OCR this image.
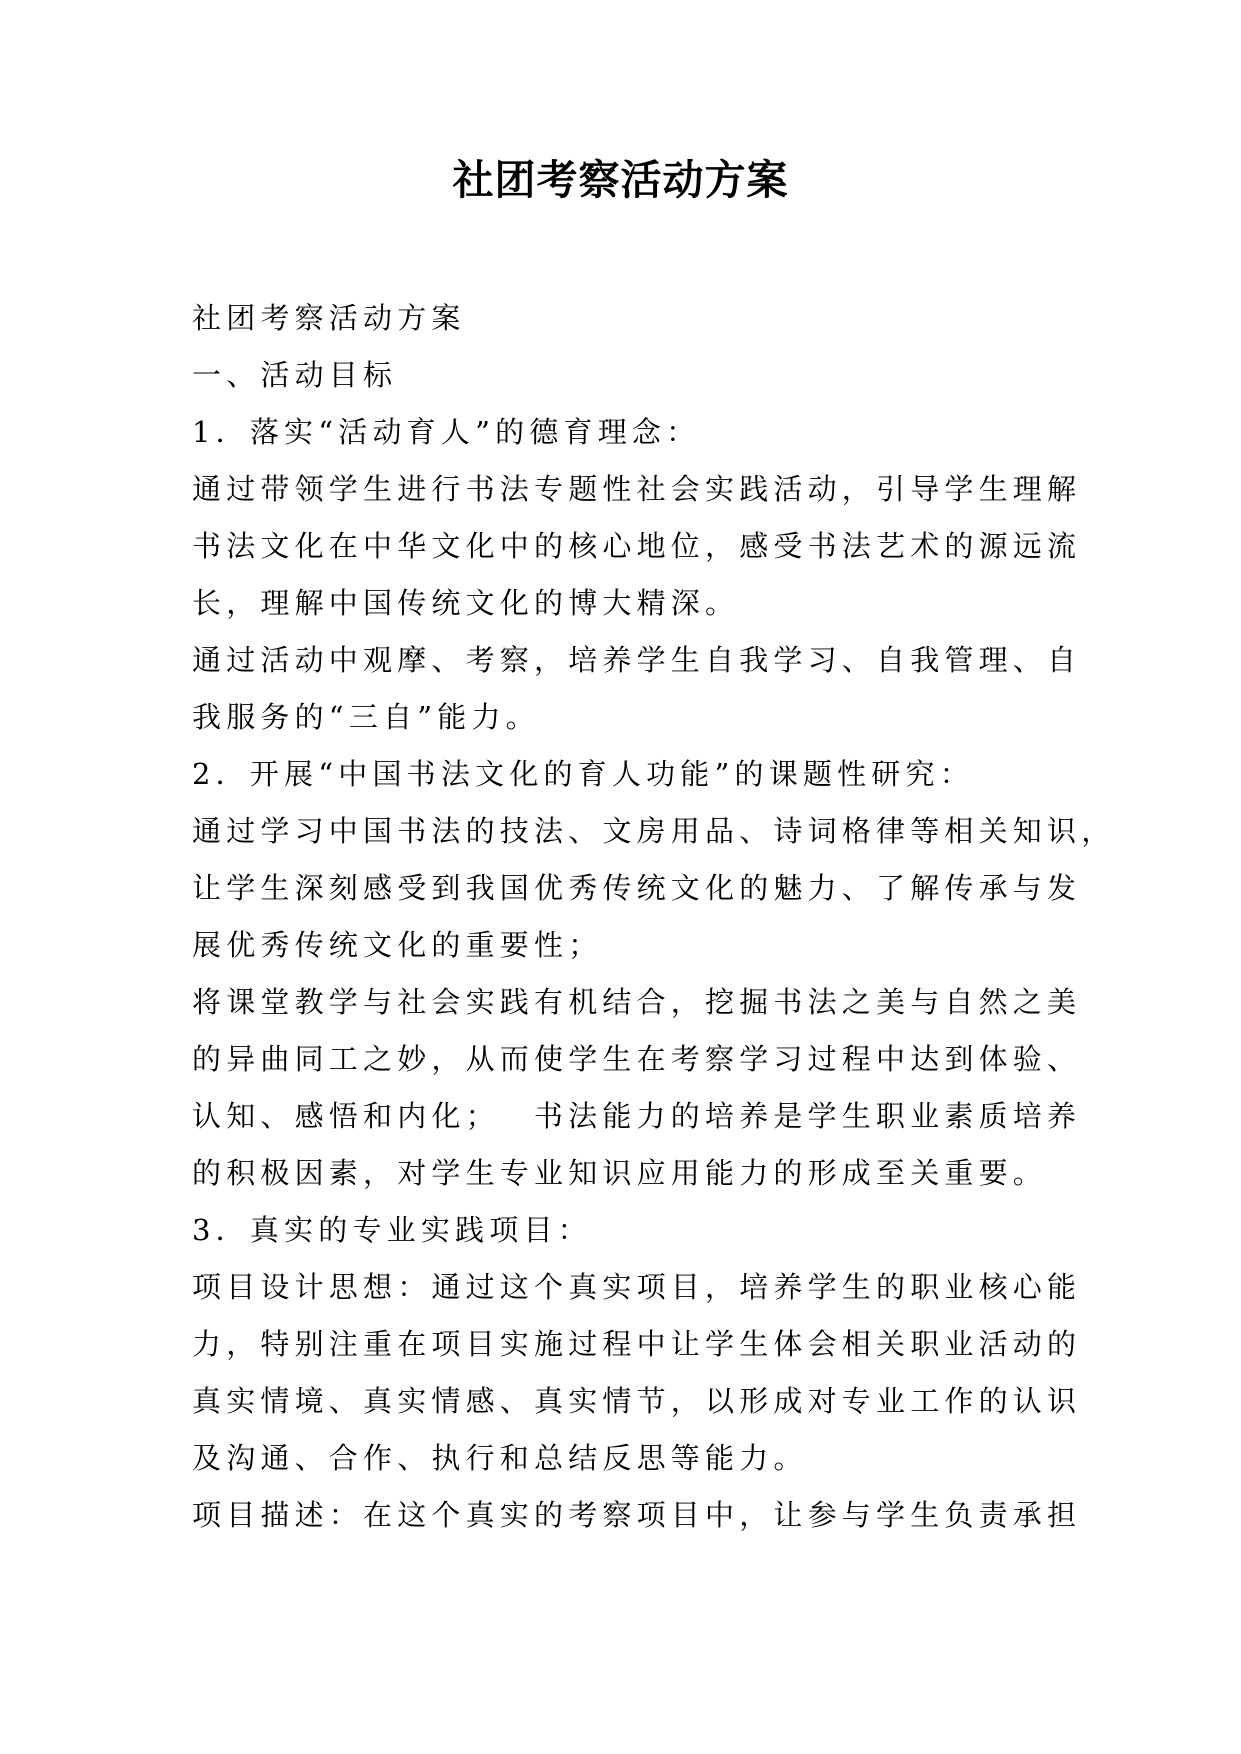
社团考察活动方案
社团考察活动方案
一、活动目标
1．落实“活动育人”的德育理念：
通过带领学生进行书法专题性社会实践活动，引导学生理解
书法文化在中华文化中的核心地位，感受书法艺术的源远流
长，理解中国传统文化的博大精深。
通过活动中观摩、考察，培养学生自我学习、自我管理、自
我服务的“三自”能力。
2．开展“中国书法文化的育人功能”的课题性研究：
通过学习中国书法的技法、文房用品、诗词格律等相关知识，
让学生深刻感受到我国优秀传统文化的魅力、了解传承与发
展优秀传统文化的重要性；
将课堂教学与社会实践有机结合，挖掘书法之美与自然之美
的异曲同工之妙，从而使学生在考察学习过程中达到体验、
认知、感悟和内化；　 书法能力的培养是学生职业素质培养
的积极因素，对学生专业知识应用能力的形成至关重要。
3．真实的专业实践项目：
项目设计思想：通过这个真实项目，培养学生的职业核心能
力，特别注重在项目实施过程中让学生体会相关职业活动的
真实情境、真实情感、真实情节，以形成对专业工作的认识
及沟通、合作、执行和总结反思等能力。
项目描述：在这个真实的考察项目中，让参与学生负责承担
